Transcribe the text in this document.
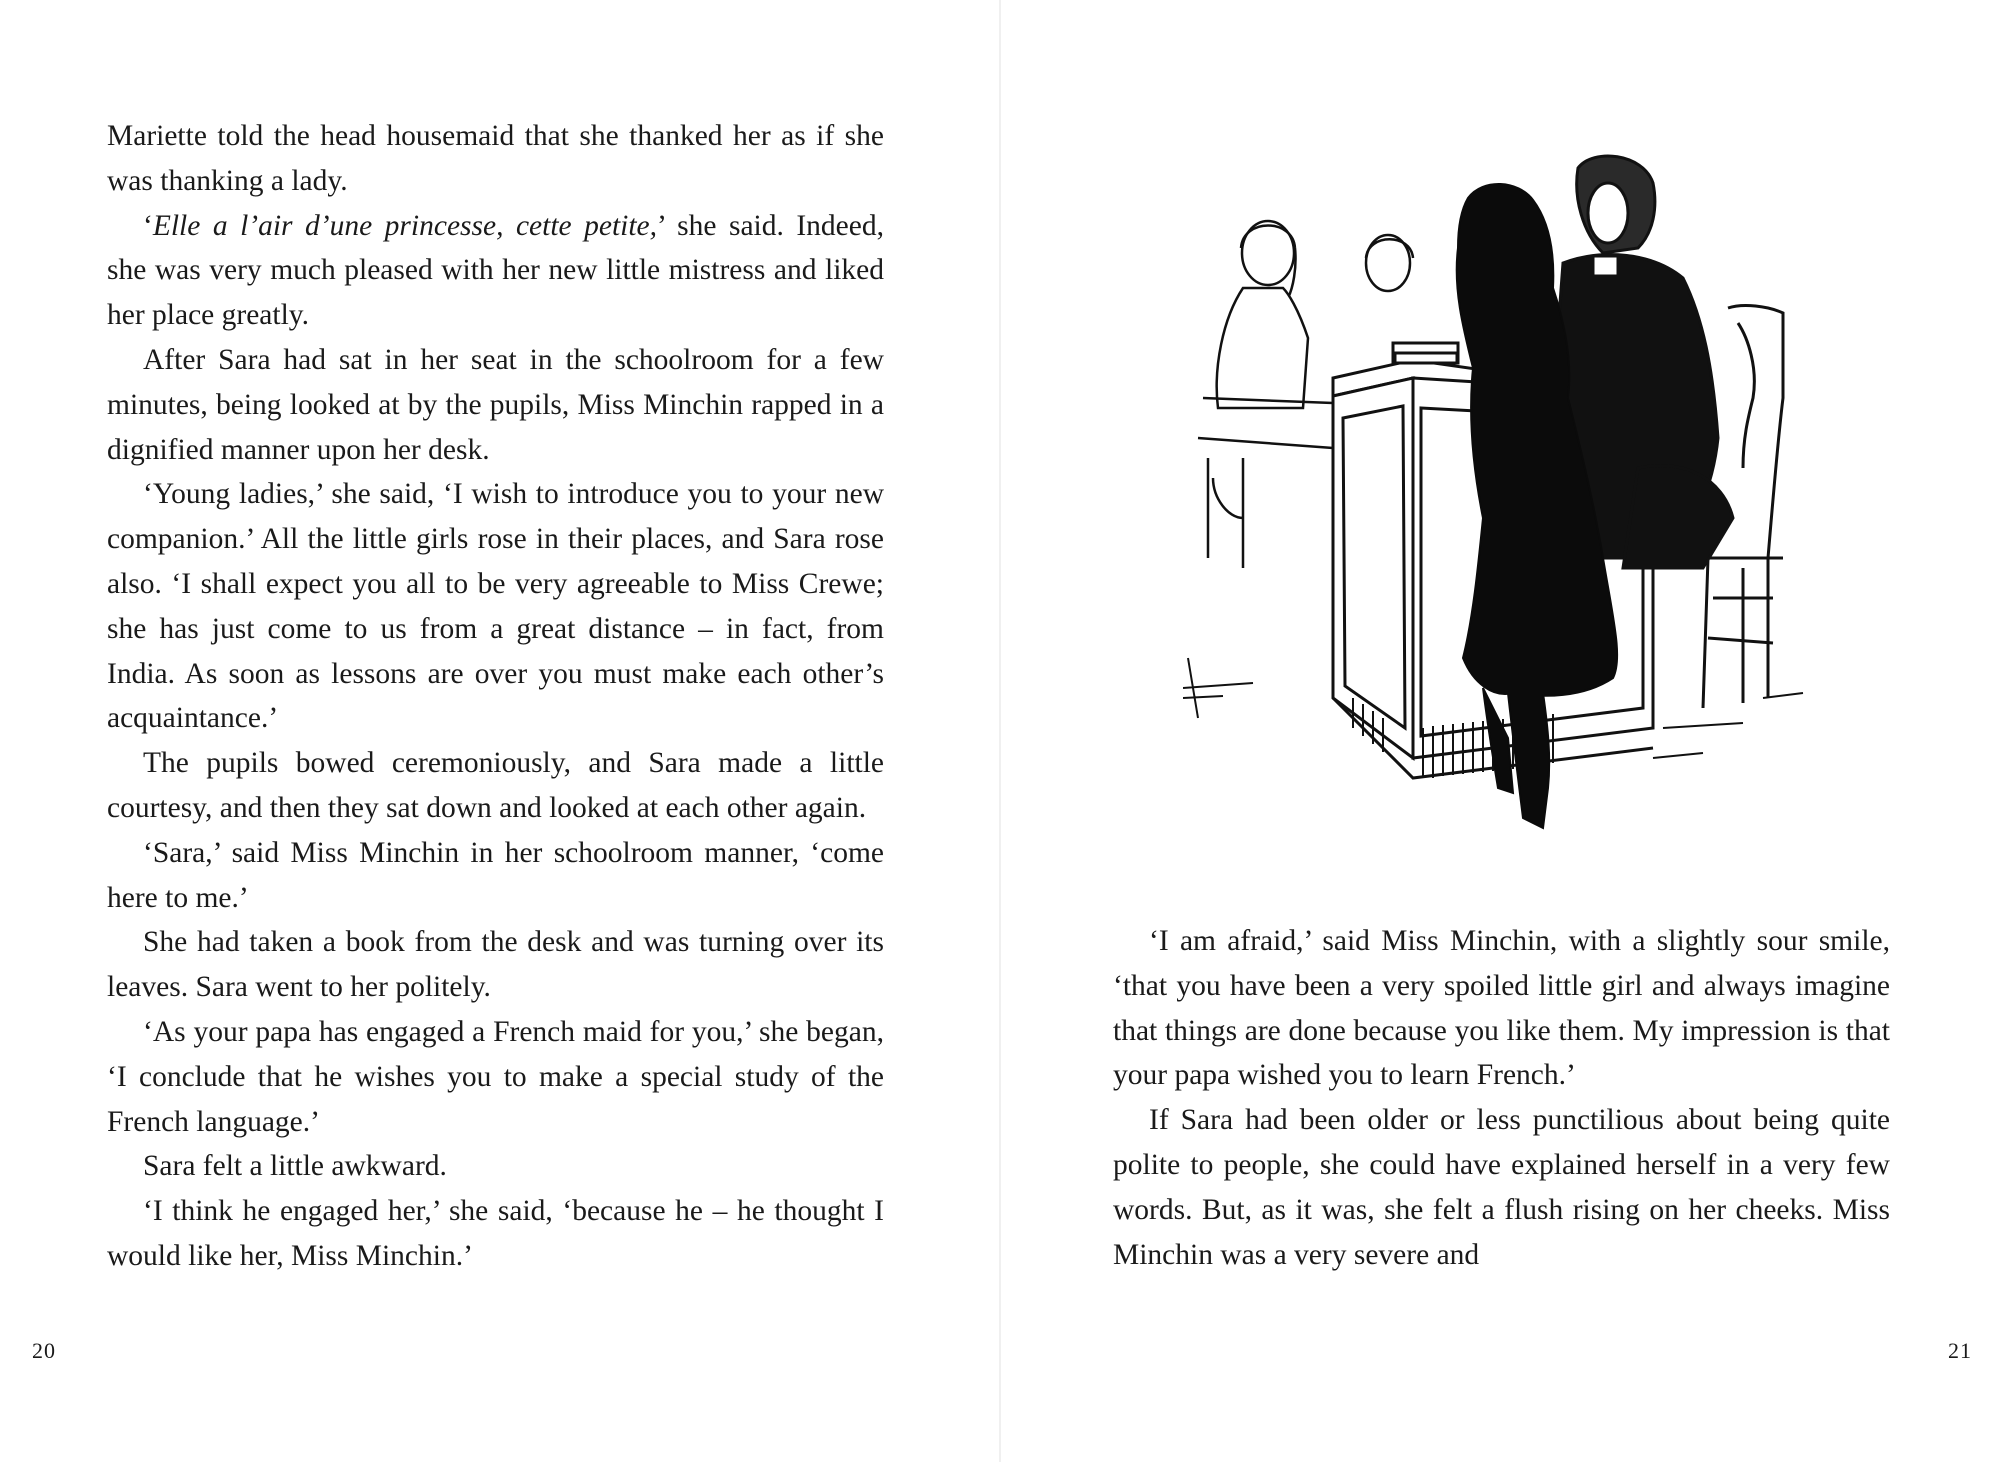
Mariette told the head housemaid that she thanked her as if she was thanking a lady.

‘Elle a l’air d’une princesse, cette petite,’ she said. Indeed, she was very much pleased with her new little mistress and liked her place greatly.

After Sara had sat in her seat in the schoolroom for a few minutes, being looked at by the pupils, Miss Minchin rapped in a dignified manner upon her desk.

‘Young ladies,’ she said, ‘I wish to introduce you to your new companion.’ All the little girls rose in their places, and Sara rose also. ‘I shall expect you all to be very agreeable to Miss Crewe; she has just come to us from a great distance – in fact, from India. As soon as lessons are over you must make each other’s acquaintance.’

The pupils bowed ceremoniously, and Sara made a little courtesy, and then they sat down and looked at each other again.

‘Sara,’ said Miss Minchin in her schoolroom manner, ‘come here to me.’

She had taken a book from the desk and was turning over its leaves. Sara went to her politely.

‘As your papa has engaged a French maid for you,’ she began, ‘I conclude that he wishes you to make a special study of the French language.’

Sara felt a little awkward.

‘I think he engaged her,’ she said, ‘because he – he thought I would like her, Miss Minchin.’

20

‘I am afraid,’ said Miss Minchin, with a slightly sour smile, ‘that you have been a very spoiled little girl and always imagine that things are done because you like them. My impression is that your papa wished you to learn French.’

If Sara had been older or less punctilious about being quite polite to people, she could have explained herself in a very few words. But, as it was, she felt a flush rising on her cheeks. Miss Minchin was a very severe and

21
